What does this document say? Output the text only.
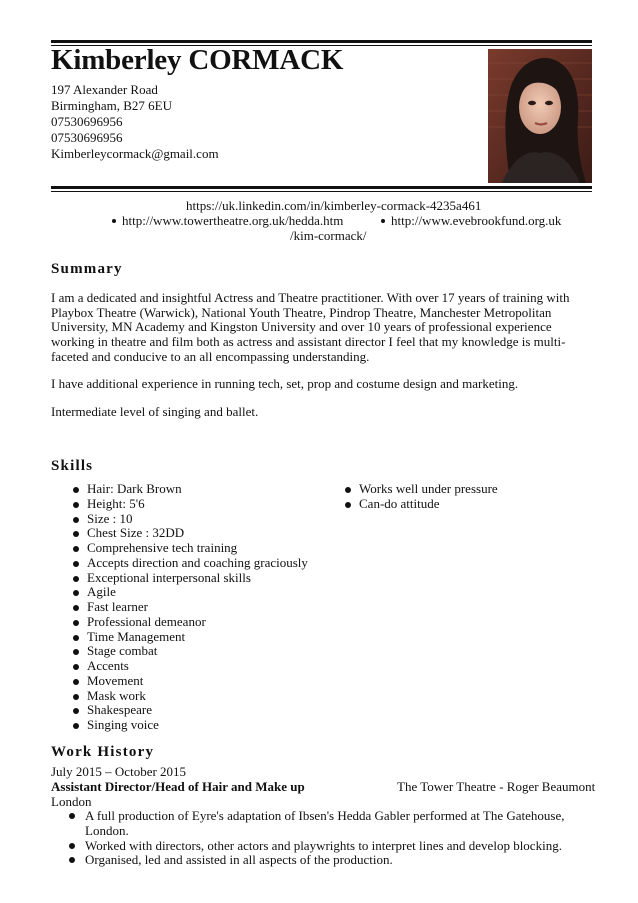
Kimberley CORMACK
197 Alexander Road
Birmingham, B27 6EU
07530696956
07530696956
Kimberleycormack@gmail.com
https://uk.linkedin.com/in/kimberley-cormack-4235a461
http://www.towertheatre.org.uk/hedda.htm	http://www.evebrookfund.org.uk
/kim-cormack/
Summary

I am a dedicated and insightful Actress and Theatre practitioner. With over 17 years of training with Playbox Theatre (Warwick), National Youth Theatre, Pindrop Theatre, Manchester Metropolitan University, MN Academy and Kingston University and over 10 years of professional experience working in theatre and film both as actress and assistant director I feel that my knowledge is multi-faceted and conducive to an all encompassing understanding.

I have additional experience in running tech, set, prop and costume design and marketing.

Intermediate level of singing and ballet.

Skills
Hair: Dark Brown
Height: 5'6
Size : 10
Chest Size : 32DD
Comprehensive tech training
Accepts direction and coaching graciously
Exceptional interpersonal skills
Agile
Fast learner
Professional demeanor
Time Management
Stage combat
Accents
Movement
Mask work
Shakespeare
Singing voice
Works well under pressure
Can-do attitude
Work History
July 2015 – October 2015
Assistant Director/Head of Hair and Make up	The Tower Theatre - Roger Beaumont
London
A full production of Eyre's adaptation of Ibsen's Hedda Gabler performed at The Gatehouse, London.
Worked with directors, other actors and playwrights to interpret lines and develop blocking.
Organised, led and assisted in all aspects of the production.
